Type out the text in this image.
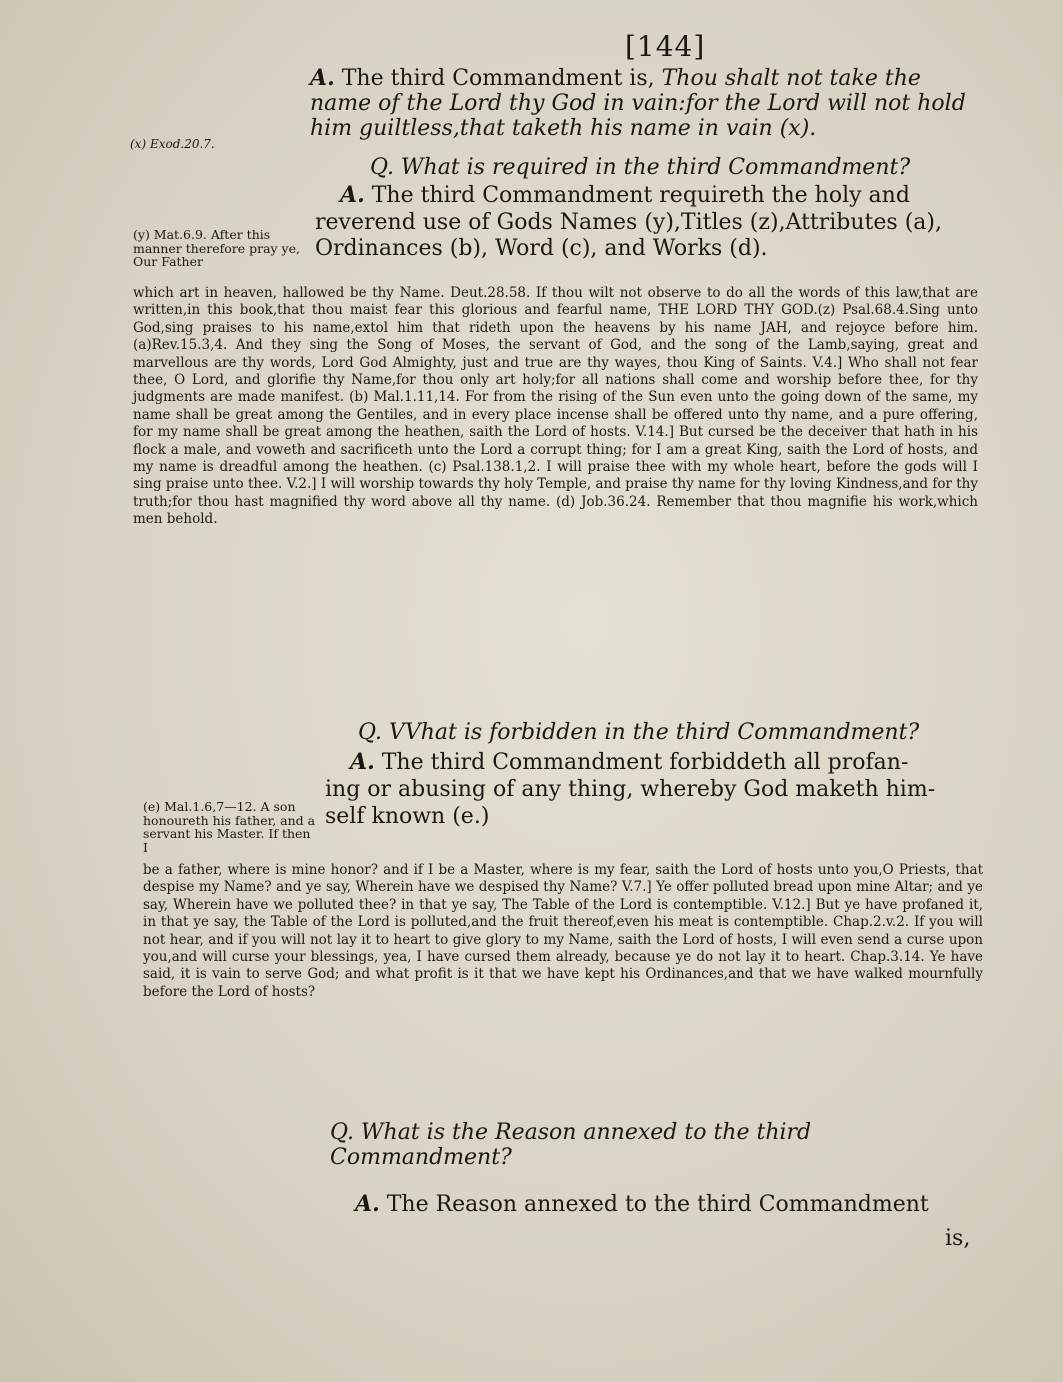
[144]
A. The third Commandment is, Thou shalt not take the name of the Lord thy God in vain:for the Lord will not hold him guiltless,that taketh his name in vain (x).
(x) Exod.20.7.
Q. What is required in the third Commandment?
A. The third Commandment requireth the holy and
reverend use of Gods Names (y),Titles (z),Attributes (a),
Ordinances (b), Word (c), and Works (d).
(y) Mat.6.9. After this manner therefore pray ye, Our Father
which art in heaven, hallowed be thy Name. Deut.28.58. If thou wilt not observe to do all the words of this law,that are written,in this book,that thou maist fear this glorious and fearful name, THE LORD THY GOD.(z) Psal.68.4.Sing unto God,sing praises to his name,extol him that rideth upon the heavens by his name JAH, and rejoyce before him. (a)Rev.15.3,4. And they sing the Song of Moses, the servant of God, and the song of the Lamb,saying, great and marvellous are thy words, Lord God Almighty, just and true are thy wayes, thou King of Saints. V.4.] Who shall not fear thee, O Lord, and glorifie thy Name,for thou only art holy;for all nations shall come and worship before thee, for thy judgments are made manifest. (b) Mal.1.11,14. For from the rising of the Sun even unto the going down of the same, my name shall be great among the Gentiles, and in every place incense shall be offered unto thy name, and a pure offering, for my name shall be great among the heathen, saith the Lord of hosts. V.14.] But cursed be the deceiver that hath in his flock a male, and voweth and sacrificeth unto the Lord a corrupt thing; for I am a great King, saith the Lord of hosts, and my name is dreadful among the heathen. (c) Psal.138.1,2. I will praise thee with my whole heart, before the gods will I sing praise unto thee. V.2.] I will worship towards thy holy Temple, and praise thy name for thy loving Kindness,and for thy truth;for thou hast magnified thy word above all thy name. (d) Job.36.24. Remember that thou magnifie his work,which men behold.
Q. VVhat is forbidden in the third Commandment?
A. The third Commandment forbiddeth all profan-
ing or abusing of any thing, whereby God maketh him-
self known (e.)
(e) Mal.1.6,7—12. A son honoureth his father, and a servant his Master. If then I
be a father, where is mine honor? and if I be a Master, where is my fear, saith the Lord of hosts unto you,O Priests, that despise my Name? and ye say, Wherein have we despised thy Name? V.7.] Ye offer polluted bread upon mine Altar; and ye say, Wherein have we polluted thee? in that ye say, The Table of the Lord is contemptible. V.12.] But ye have profaned it, in that ye say, the Table of the Lord is polluted,and the fruit thereof,even his meat is contemptible. Chap.2.v.2. If you will not hear, and if you will not lay it to heart to give glory to my Name, saith the Lord of hosts, I will even send a curse upon you,and will curse your blessings, yea, I have cursed them already, because ye do not lay it to heart. Chap.3.14. Ye have said, it is vain to serve God; and what profit is it that we have kept his Ordinances,and that we have walked mournfully before the Lord of hosts?
Q. What is the Reason annexed to the third Commandment?
A. The Reason annexed to the third Commandment
is,
